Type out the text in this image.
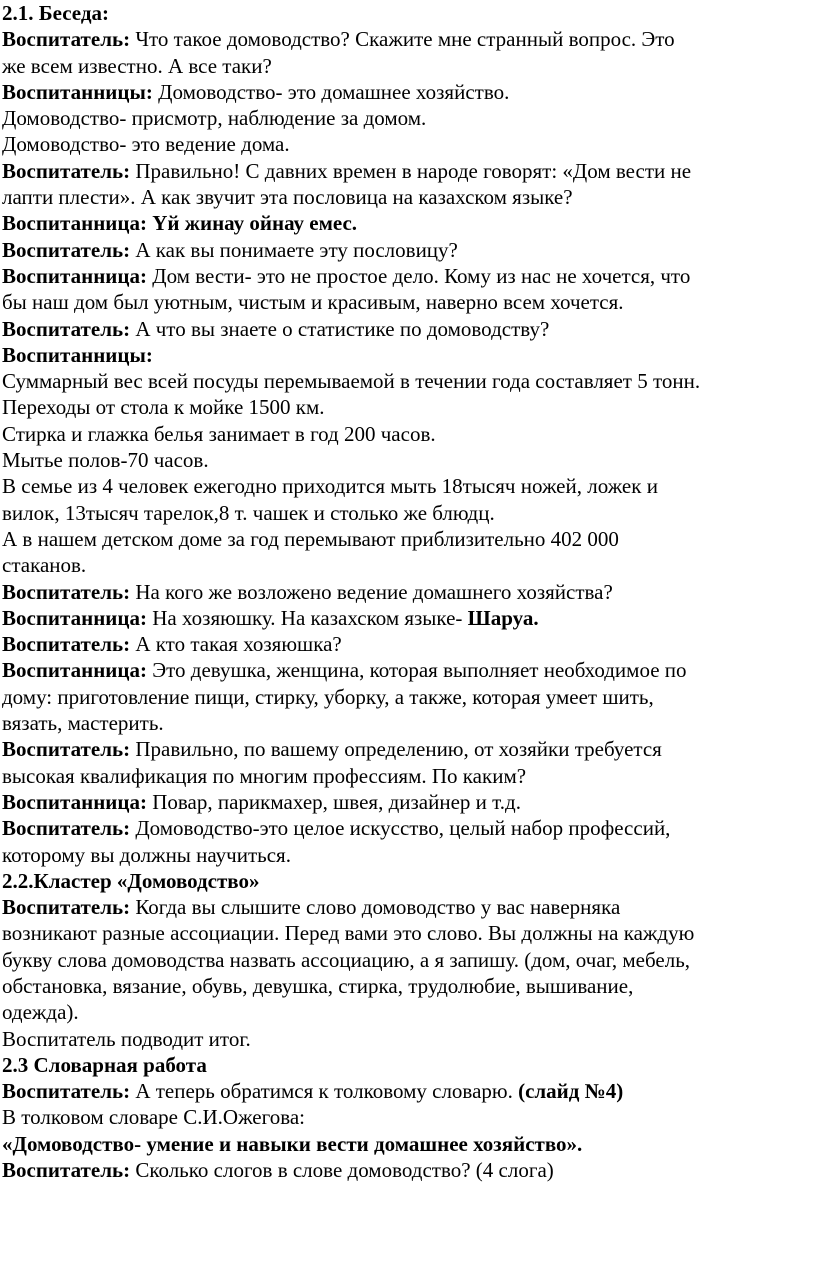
2.1. Беседа:

Воспитатель: Что такое домоводство? Скажите мне странный вопрос. Это

же всем известно. А все таки?

Воспитанницы: Домоводство- это домашнее хозяйство.

Домоводство- присмотр, наблюдение за домом.

Домоводство- это ведение дома.

Воспитатель: Правильно! С давних времен в народе говорят: «Дом вести не

лапти плести». А как звучит эта пословица на казахском языке?

Воспитанница: Үй жинау ойнау емес.

Воспитатель: А как вы понимаете эту пословицу?

Воспитанница: Дом вести- это не простое дело. Кому из нас не хочется, что

бы наш дом был уютным, чистым и красивым, наверно всем хочется.

Воспитатель: А что вы знаете о статистике по домоводству?

Воспитанницы:

Суммарный вес всей посуды перемываемой в течении года составляет 5 тонн.

Переходы от стола к мойке 1500 км.

Стирка и глажка белья занимает в год 200 часов.

Мытье полов-70 часов.

В семье из 4 человек ежегодно приходится мыть 18тысяч ножей, ложек и

вилок, 13тысяч тарелок,8 т. чашек и столько же блюдц.

А в нашем детском доме за год перемывают приблизительно 402 000

стаканов.

Воспитатель: На кого же возложено ведение домашнего хозяйства?

Воспитанница: На хозяюшку. На казахском языке- Шаруа.

Воспитатель: А кто такая хозяюшка?

Воспитанница: Это девушка, женщина, которая выполняет необходимое по

дому: приготовление пищи, стирку, уборку, а также, которая умеет шить,

вязать, мастерить.

Воспитатель: Правильно, по вашему определению, от хозяйки требуется

высокая квалификация по многим профессиям. По каким?

Воспитанница: Повар, парикмахер, швея, дизайнер и т.д.

Воспитатель: Домоводство-это целое искусство, целый набор профессий,

которому вы должны научиться.

2.2.Кластер «Домоводство»

Воспитатель: Когда вы слышите слово домоводство у вас наверняка

возникают разные ассоциации. Перед вами это слово. Вы должны на каждую

букву слова домоводства назвать ассоциацию, а я запишу. (дом, очаг, мебель,

обстановка, вязание, обувь, девушка, стирка, трудолюбие, вышивание,

одежда).

Воспитатель подводит итог.

2.3 Словарная работа

Воспитатель: А теперь обратимся к толковому словарю. (слайд №4)

В толковом словаре С.И.Ожегова:

«Домоводство- умение и навыки вести домашнее хозяйство».

Воспитатель: Сколько слогов в слове домоводство? (4 слога)
